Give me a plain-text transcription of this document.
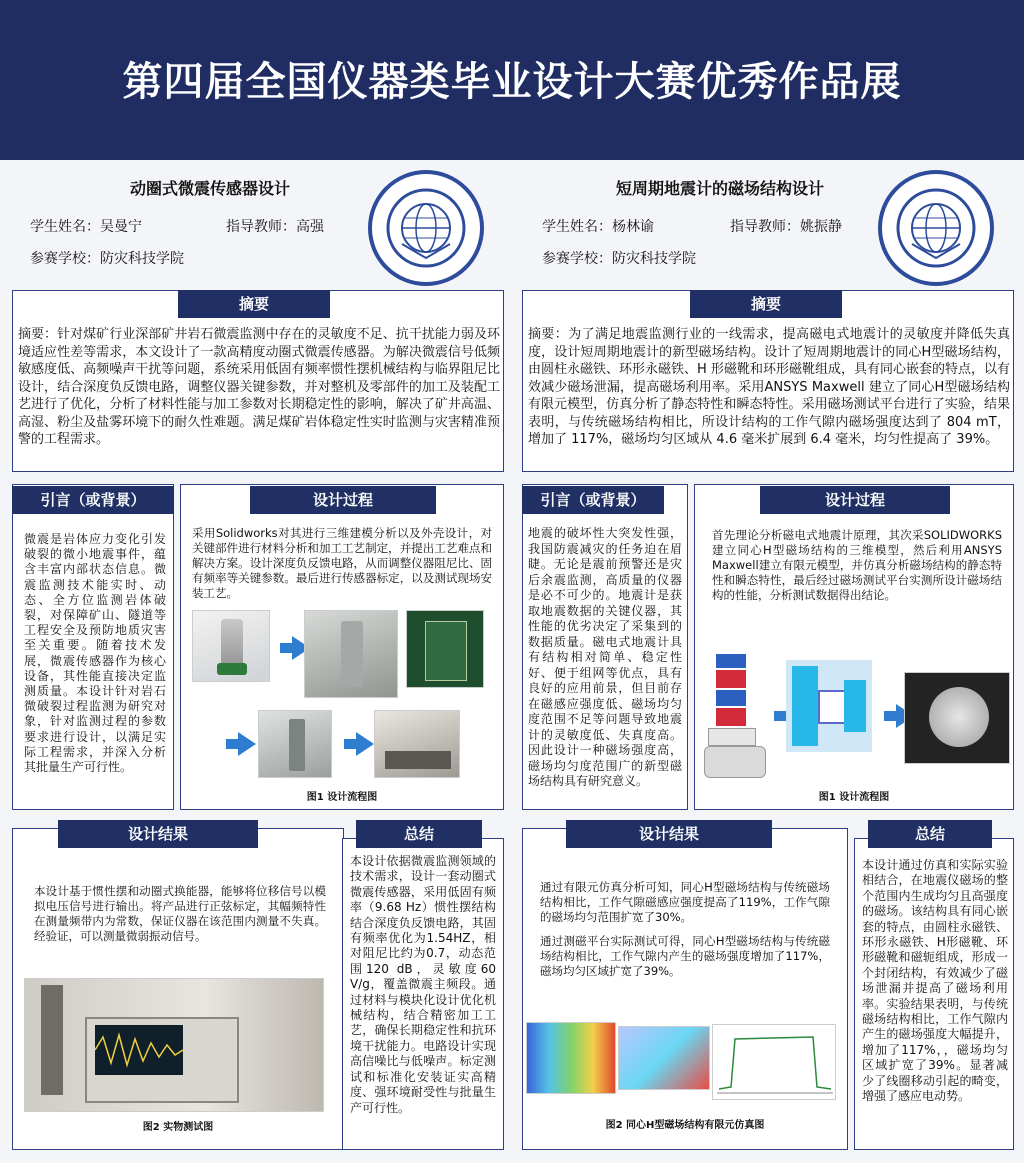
第四届全国仪器类毕业设计大赛优秀作品展
动圈式微震传感器设计
学生姓名：吴曼宁	指导教师：高强
参赛学校：防灾科技学院
摘要
摘要：针对煤矿行业深部矿井岩石微震监测中存在的灵敏度不足、抗干扰能力弱及环境适应性差等需求，本文设计了一款高精度动圈式微震传感器。为解决微震信号低频敏感度低、高频噪声干扰等问题，系统采用低固有频率惯性摆机械结构与临界阻尼比设计，结合深度负反馈电路，调整仪器关键参数，并对整机及零部件的加工及装配工艺进行了优化，分析了材料性能与加工参数对长期稳定性的影响，解决了矿井高温、高湿、粉尘及盐雾环境下的耐久性难题。满足煤矿岩体稳定性实时监测与灾害精准预警的工程需求。
引言（或背景）
微震是岩体应力变化引发破裂的微小地震事件，蕴含丰富内部状态信息。微震监测技术能实时、动态、全方位监测岩体破裂，对保障矿山、隧道等工程安全及预防地质灾害至关重要。随着技术发展，微震传感器作为核心设备，其性能直接决定监测质量。本设计针对岩石微破裂过程监测为研究对象，针对监测过程的参数要求进行设计，以满足实际工程需求，并深入分析其批量生产可行性。
设计过程
采用Solidworks对其进行三维建模分析以及外壳设计，对关键部件进行材料分析和加工工艺制定，并提出工艺难点和解决方案。设计深度负反馈电路，从而调整仪器阻尼比、固有频率等关键参数。最后进行传感器标定，以及测试现场安装工艺。
图1 设计流程图
设计结果
本设计基于惯性摆和动圈式换能器，能够将位移信号以模拟电压信号进行输出。将产品进行正弦标定，其幅频特性在测量频带内为常数，保证仪器在该范围内测量不失真。经验证，可以测量微弱振动信号。
图2 实物测试图
总结
本设计依据微震监测领域的技术需求，设计一套动圈式微震传感器，采用低固有频率（9.68 Hz）惯性摆结构结合深度负反馈电路，其固有频率优化为1.54HZ，相对阻尼比约为0.7，动态范围120 dB，灵敏度60 V/g，覆盖微震主频段。通过材料与模块化设计优化机械结构，结合精密加工工艺，确保长期稳定性和抗环境干扰能力。电路设计实现高信噪比与低噪声。标定测试和标准化安装证实高精度、强环境耐受性与批量生产可行性。
短周期地震计的磁场结构设计
学生姓名：杨林谕	指导教师：姚振静
参赛学校：防灾科技学院
摘要
摘要：为了满足地震监测行业的一线需求，提高磁电式地震计的灵敏度并降低失真度，设计短周期地震计的新型磁场结构。设计了短周期地震计的同心H型磁场结构，由圆柱永磁铁、环形永磁铁、H 形磁靴和环形磁靴组成，具有同心嵌套的特点，以有效减少磁场泄漏，提高磁场利用率。采用ANSYS Maxwell 建立了同心H型磁场结构有限元模型，仿真分析了静态特性和瞬态特性。采用磁场测试平台进行了实验，结果表明，与传统磁场结构相比，所设计结构的工作气隙内磁场强度达到了 804 mT，增加了 117%，磁场均匀区域从 4.6 毫米扩展到 6.4 毫米，均匀性提高了 39%。
引言（或背景）
地震的破坏性大突发性强，我国防震减灾的任务迫在眉睫。无论是震前预警还是灾后余震监测，高质量的仪器是必不可少的。地震计是获取地震数据的关键仪器，其性能的优劣决定了采集到的数据质量。磁电式地震计具有结构相对简单、稳定性好、便于组网等优点，具有良好的应用前景，但目前存在磁感应强度低、磁场均匀度范围不足等问题导致地震计的灵敏度低、失真度高。因此设计一种磁场强度高，磁场均匀度范围广的新型磁场结构具有研究意义。
设计过程
首先理论分析磁电式地震计原理，其次采SOLIDWORKS建立同心H型磁场结构的三维模型，然后利用ANSYS Maxwell建立有限元模型，并仿真分析磁场结构的静态特性和瞬态特性，最后经过磁场测试平台实测所设计磁场结构的性能，分析测试数据得出结论。
图1 设计流程图
设计结果
通过有限元仿真分析可知，同心H型磁场结构与传统磁场结构相比，工作气隙磁感应强度提高了119%，工作气隙的磁场均匀范围扩宽了30%。
通过测磁平台实际测试可得，同心H型磁场结构与传统磁场结构相比，工作气隙内产生的磁场强度增加了117%，磁场均匀区域扩宽了39%。
图2 同心H型磁场结构有限元仿真图
总结
本设计通过仿真和实际实验相结合，在地震仪磁场的整个范围内生成均匀且高强度的磁场。该结构具有同心嵌套的特点，由圆柱永磁铁、环形永磁铁、H形磁靴、环形磁靴和磁轭组成，形成一个封闭结构，有效减少了磁场泄漏并提高了磁场利用率。实验结果表明，与传统磁场结构相比，工作气隙内产生的磁场强度大幅提升，增加了117%，，磁场均匀区域扩宽了39%。显著减少了线圈移动引起的畸变，增强了感应电动势。
